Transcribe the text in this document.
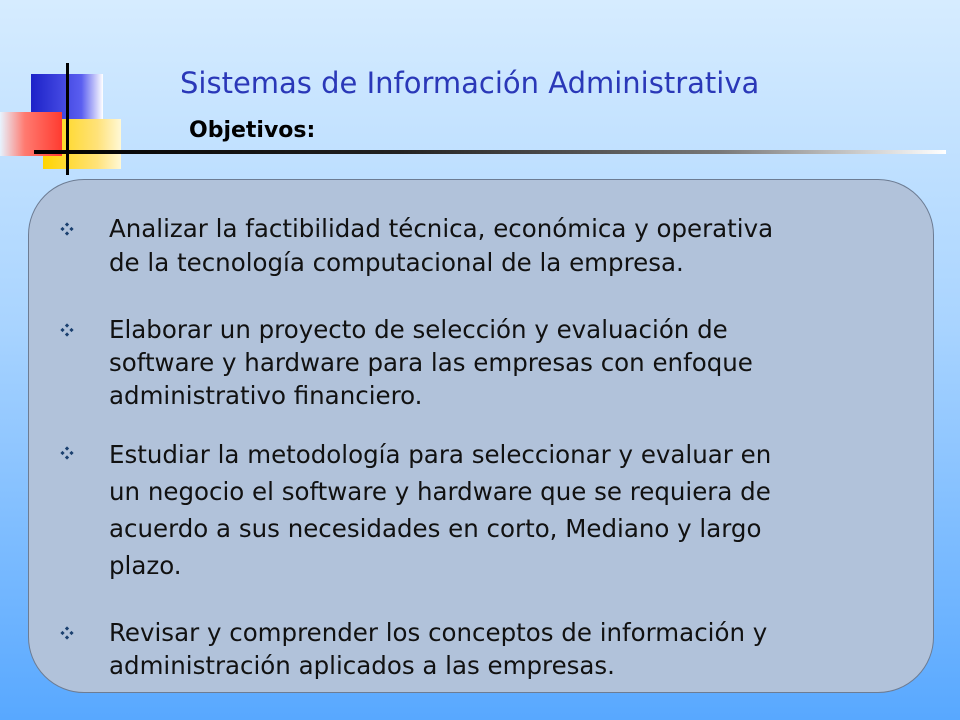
Sistemas de Información Administrativa
Objetivos:
Analizar la factibilidad técnica, económica y operativa
de la tecnología computacional de la empresa.
Elaborar un proyecto de selección y evaluación de
software y hardware para las empresas con enfoque
administrativo financiero.
Estudiar la metodología para seleccionar y evaluar en
un negocio el software y hardware que se requiera de
acuerdo a sus necesidades en corto, Mediano y largo
plazo.
Revisar y comprender los conceptos de información y
administración aplicados a las empresas.
